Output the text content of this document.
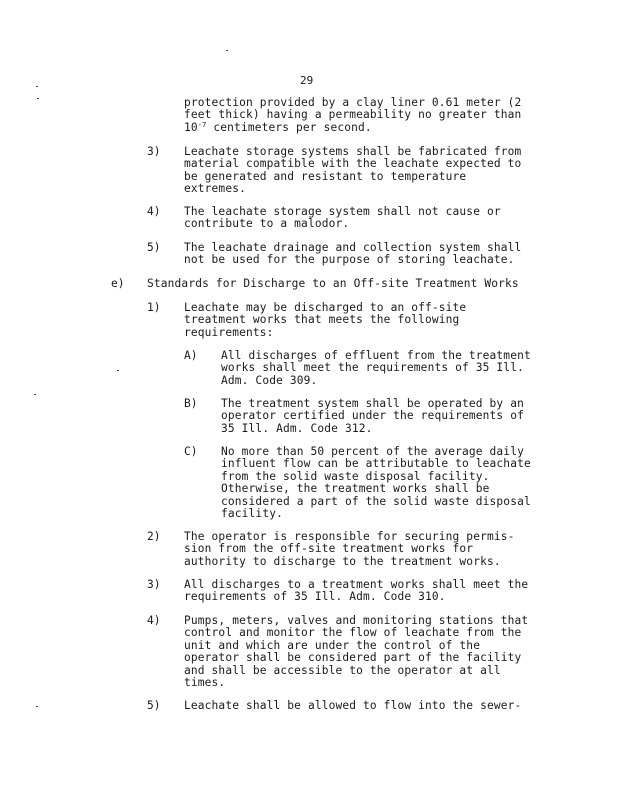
29
protection provided by a clay liner 0.61 meter (2
feet thick) having a permeability no greater than
$10^{-7}$ centimeters per second.
3) Leachate storage systems shall be fabricated from
material compatible with the leachate expected to
be generated and resistant to temperature
extremes.
4) The leachate storage system shall not cause or
contribute to a malodor.
5) The leachate drainage and collection system shall
not be used for the purpose of storing leachate.
e) Standards for Discharge to an Off-site Treatment Works
1) Leachate may be discharged to an off-site
treatment works that meets the following
requirements:
A) All discharges of effluent from the treatment
works shall meet the requirements of 35 Ill.
Adm. Code 309.
B) The treatment system shall be operated by an
operator certified under the requirements of
35 Ill. Adm. Code 312.
C) No more than 50 percent of the average daily
influent flow can be attributable to leachate
from the solid waste disposal facility.
Otherwise, the treatment works shall be
considered a part of the solid waste disposal
facility.
2) The operator is responsible for securing permis-
sion from the off-site treatment works for
authority to discharge to the treatment works.
3) All discharges to a treatment works shall meet the
requirements of 35 Ill. Adm. Code 310.
4) Pumps, meters, valves and monitoring stations that
control and monitor the flow of leachate from the
unit and which are under the control of the
operator shall be considered part of the facility
and shall be accessible to the operator at all
times.
5) Leachate shall be allowed to flow into the sewer-
